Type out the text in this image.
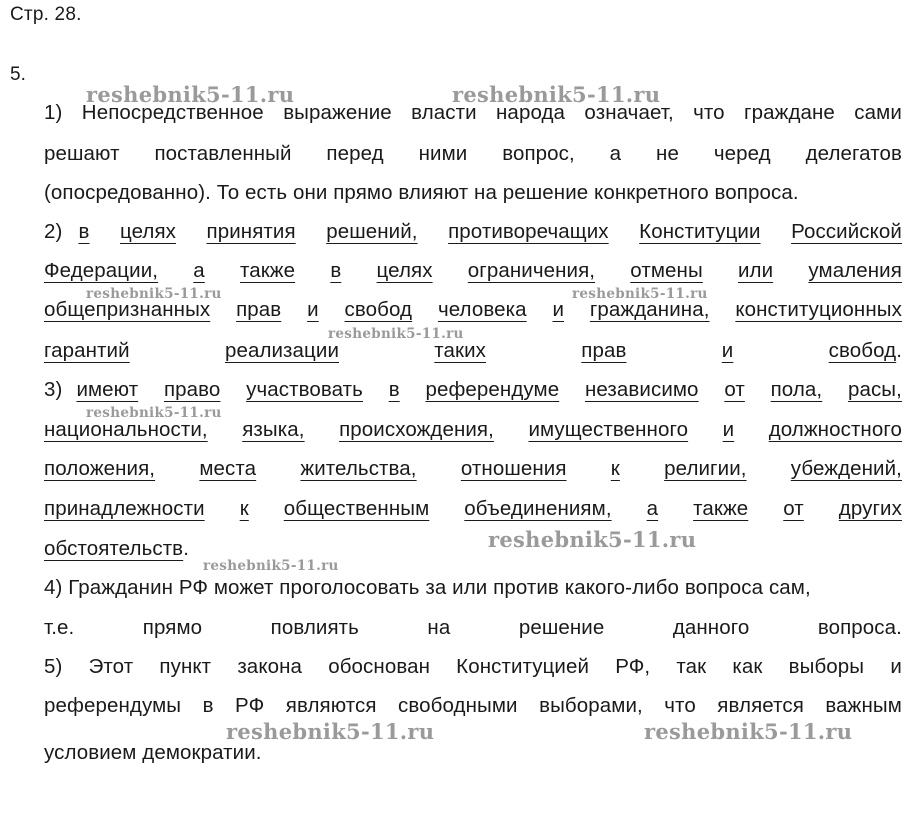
Стр. 28.
5.
1) Непосредственное выражение власти народа означает, что граждане сами
решают поставленный перед ними вопрос, а не черед делегатов
(опосредованно). То есть они прямо влияют на решение конкретного вопроса.
2) в целях принятия решений, противоречащих Конституции Российской
Федерации, а также в целях ограничения, отмены или умаления
общепризнанных прав и свобод человека и гражданина, конституционных
гарантий	реализации	таких	прав	и	свобод .
3) имеют право участвовать в референдуме независимо от пола, расы,
национальности, языка, происхождения, имущественного и должностного
положения, места жительства, отношения к религии, убеждений,
принадлежности к общественным объединениям, а также от других
обстоятельств.
4) Гражданин РФ может проголосовать за или против какого-либо вопроса сам,
т.е.	прямо	повлиять	на	решение	данного	вопроса.
5) Этот пункт закона обоснован Конституцией РФ, так как выборы и
референдумы в РФ являются свободными выборами, что является важным
условием демократии.
reshebnik5-11.ru	reshebnik5-11.ru
reshebnik5-11.ru	reshebnik5-11.ru
reshebnik5-11.ru
reshebnik5-11.ru
reshebnik5-11.ru
reshebnik5-11.ru
reshebnik5-11.ru	reshebnik5-11.ru
